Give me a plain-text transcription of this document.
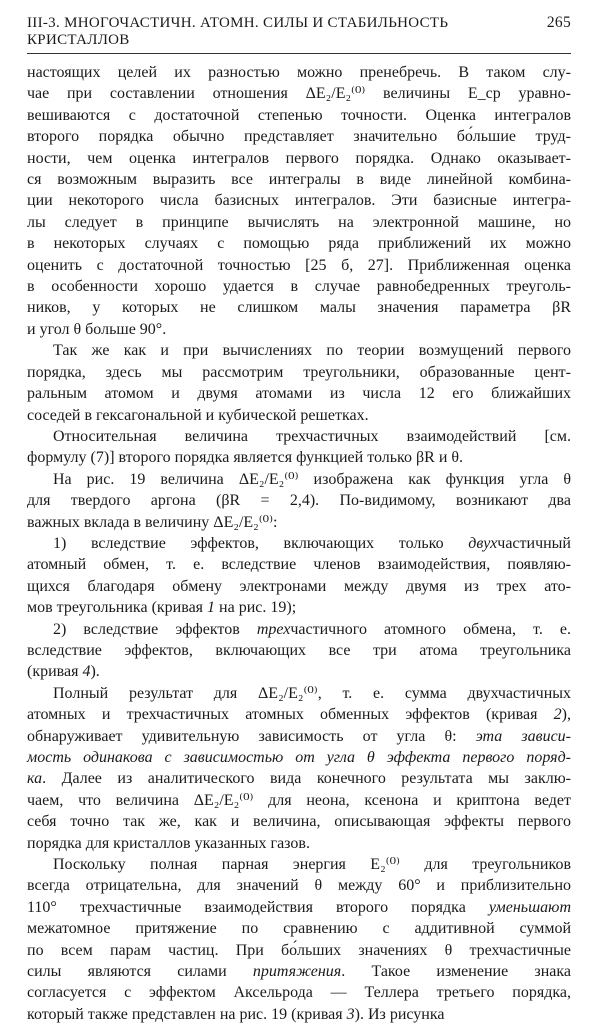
III-3. МНОГОЧАСТИЧН. АТОМН. СИЛЫ И СТАБИЛЬНОСТЬ КРИСТАЛЛОВ
265
настоящих целей их разностью можно пренебречь. В таком слу-
чае при составлении отношения ΔE₂/E₂⁽⁰⁾ величины E_ср уравно-
вешиваются с достаточной степенью точности. Оценка интегралов
второго порядка обычно представляет значительно бо́льшие труд-
ности, чем оценка интегралов первого порядка. Однако оказывает-
ся возможным выразить все интегралы в виде линейной комбина-
ции некоторого числа базисных интегралов. Эти базисные интегра-
лы следует в принципе вычислять на электронной машине, но
в некоторых случаях с помощью ряда приближений их можно
оценить с достаточной точностью [25 б, 27]. Приближенная оценка
в особенности хорошо удается в случае равнобедренных треуголь-
ников, у которых не слишком малы значения параметра βR
и угол θ больше 90°.
Так же как и при вычислениях по теории возмущений первого
порядка, здесь мы рассмотрим треугольники, образованные цент-
ральным атомом и двумя атомами из числа 12 его ближайших
соседей в гексагональной и кубической решетках.
Относительная величина трехчастичных взаимодействий [см.
формулу (7)] второго порядка является функцией только βR и θ.
На рис. 19 величина ΔE₂/E₂⁽⁰⁾ изображена как функция угла θ
для твердого аргона (βR = 2,4). По-видимому, возникают два
важных вклада в величину ΔE₂/E₂⁽⁰⁾:
1) вследствие эффектов, включающих только двухчастичный
атомный обмен, т. е. вследствие членов взаимодействия, появляю-
щихся благодаря обмену электронами между двумя из трех ато-
мов треугольника (кривая 1 на рис. 19);
2) вследствие эффектов трехчастичного атомного обмена, т. е.
вследствие эффектов, включающих все три атома треугольника
(кривая 4).
Полный результат для ΔE₂/E₂⁽⁰⁾, т. е. сумма двухчастичных
атомных и трехчастичных атомных обменных эффектов (кривая 2),
обнаруживает удивительную зависимость от угла θ: эта зависи-
мость одинакова с зависимостью от угла θ эффекта первого поряд-
ка. Далее из аналитического вида конечного результата мы заклю-
чаем, что величина ΔE₂/E₂⁽⁰⁾ для неона, ксенона и криптона ведет
себя точно так же, как и величина, описывающая эффекты первого
порядка для кристаллов указанных газов.
Поскольку полная парная энергия E₂⁽⁰⁾ для треугольников
всегда отрицательна, для значений θ между 60° и приблизительно
110° трехчастичные взаимодействия второго порядка уменьшают
межатомное притяжение по сравнению с аддитивной суммой
по всем парам частиц. При бо́льших значениях θ трехчастичные
силы являются силами притяжения. Такое изменение знака
согласуется с эффектом Аксельрода — Теллера третьего порядка,
который также представлен на рис. 19 (кривая 3). Из рисунка
